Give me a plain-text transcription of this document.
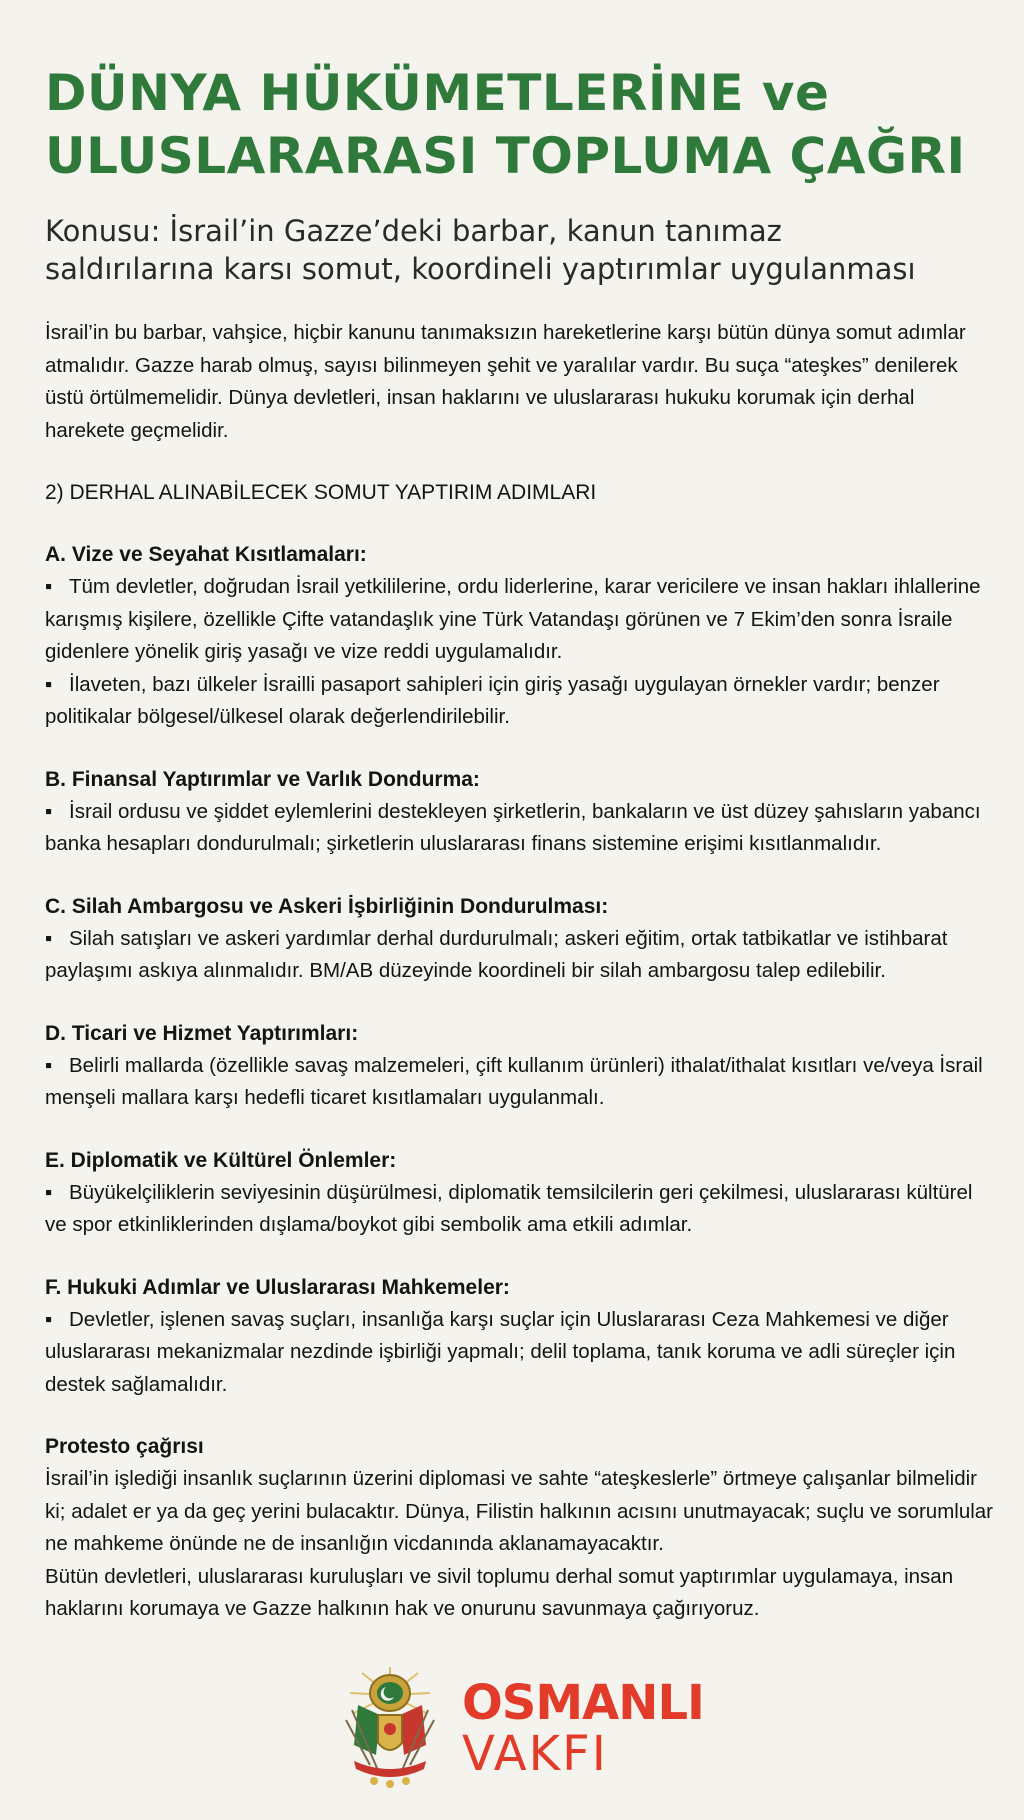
DÜNYA HÜKÜMETLERİNE ve
ULUSLARARASI TOPLUMA ÇAĞRI
Konusu: İsrail’in Gazze’deki barbar, kanun tanımaz
saldırılarına karsı somut, koordineli yaptırımlar uygulanması

İsrail’in bu barbar, vahşice, hiçbir kanunu tanımaksızın hareketlerine karşı bütün dünya somut adımlar atmalıdır. Gazze harab olmuş, sayısı bilinmeyen şehit ve yaralılar vardır. Bu suça “ateşkes” denilerek üstü örtülmemelidir. Dünya devletleri, insan haklarını ve uluslararası hukuku korumak için derhal harekete geçmelidir.

2) DERHAL ALINABİLECEK SOMUT YAPTIRIM ADIMLARI

A. Vize ve Seyahat Kısıtlamaları:

▪ Tüm devletler, doğrudan İsrail yetkililerine, ordu liderlerine, karar vericilere ve insan hakları ihlallerine karışmış kişilere, özellikle Çifte vatandaşlık yine Türk Vatandaşı görünen ve 7 Ekim’den sonra İsraile gidenlere yönelik giriş yasağı ve vize reddi uygulamalıdır.

▪ İlaveten, bazı ülkeler İsrailli pasaport sahipleri için giriş yasağı uygulayan örnekler vardır; benzer politikalar bölgesel/ülkesel olarak değerlendirilebilir.

B. Finansal Yaptırımlar ve Varlık Dondurma:

▪ İsrail ordusu ve şiddet eylemlerini destekleyen şirketlerin, bankaların ve üst düzey şahısların yabancı banka hesapları dondurulmalı; şirketlerin uluslararası finans sistemine erişimi kısıtlanmalıdır.

C. Silah Ambargosu ve Askeri İşbirliğinin Dondurulması:

▪ Silah satışları ve askeri yardımlar derhal durdurulmalı; askeri eğitim, ortak tatbikatlar ve istihbarat paylaşımı askıya alınmalıdır. BM/AB düzeyinde koordineli bir silah ambargosu talep edilebilir.

D. Ticari ve Hizmet Yaptırımları:

▪ Belirli mallarda (özellikle savaş malzemeleri, çift kullanım ürünleri) ithalat/ithalat kısıtları ve/veya İsrail menşeli mallara karşı hedefli ticaret kısıtlamaları uygulanmalı.

E. Diplomatik ve Kültürel Önlemler:

▪ Büyükelçiliklerin seviyesinin düşürülmesi, diplomatik temsilcilerin geri çekilmesi, uluslararası kültürel ve spor etkinliklerinden dışlama/boykot gibi sembolik ama etkili adımlar.

F. Hukuki Adımlar ve Uluslararası Mahkemeler:

▪ Devletler, işlenen savaş suçları, insanlığa karşı suçlar için Uluslararası Ceza Mahkemesi ve diğer uluslararası mekanizmalar nezdinde işbirliği yapmalı; delil toplama, tanık koruma ve adli süreçler için destek sağlamalıdır.

Protesto çağrısı

İsrail’in işlediği insanlık suçlarının üzerini diplomasi ve sahte “ateşkeslerle” örtmeye çalışanlar bilmelidir ki; adalet er ya da geç yerini bulacaktır. Dünya, Filistin halkının acısını unutmayacak; suçlu ve sorumlular ne mahkeme önünde ne de insanlığın vicdanında aklanamayacaktır.

Bütün devletleri, uluslararası kuruluşları ve sivil toplumu derhal somut yaptırımlar uygulamaya, insan haklarını korumaya ve Gazze halkının hak ve onurunu savunmaya çağırıyoruz.

OSMANLI
VAKFI
